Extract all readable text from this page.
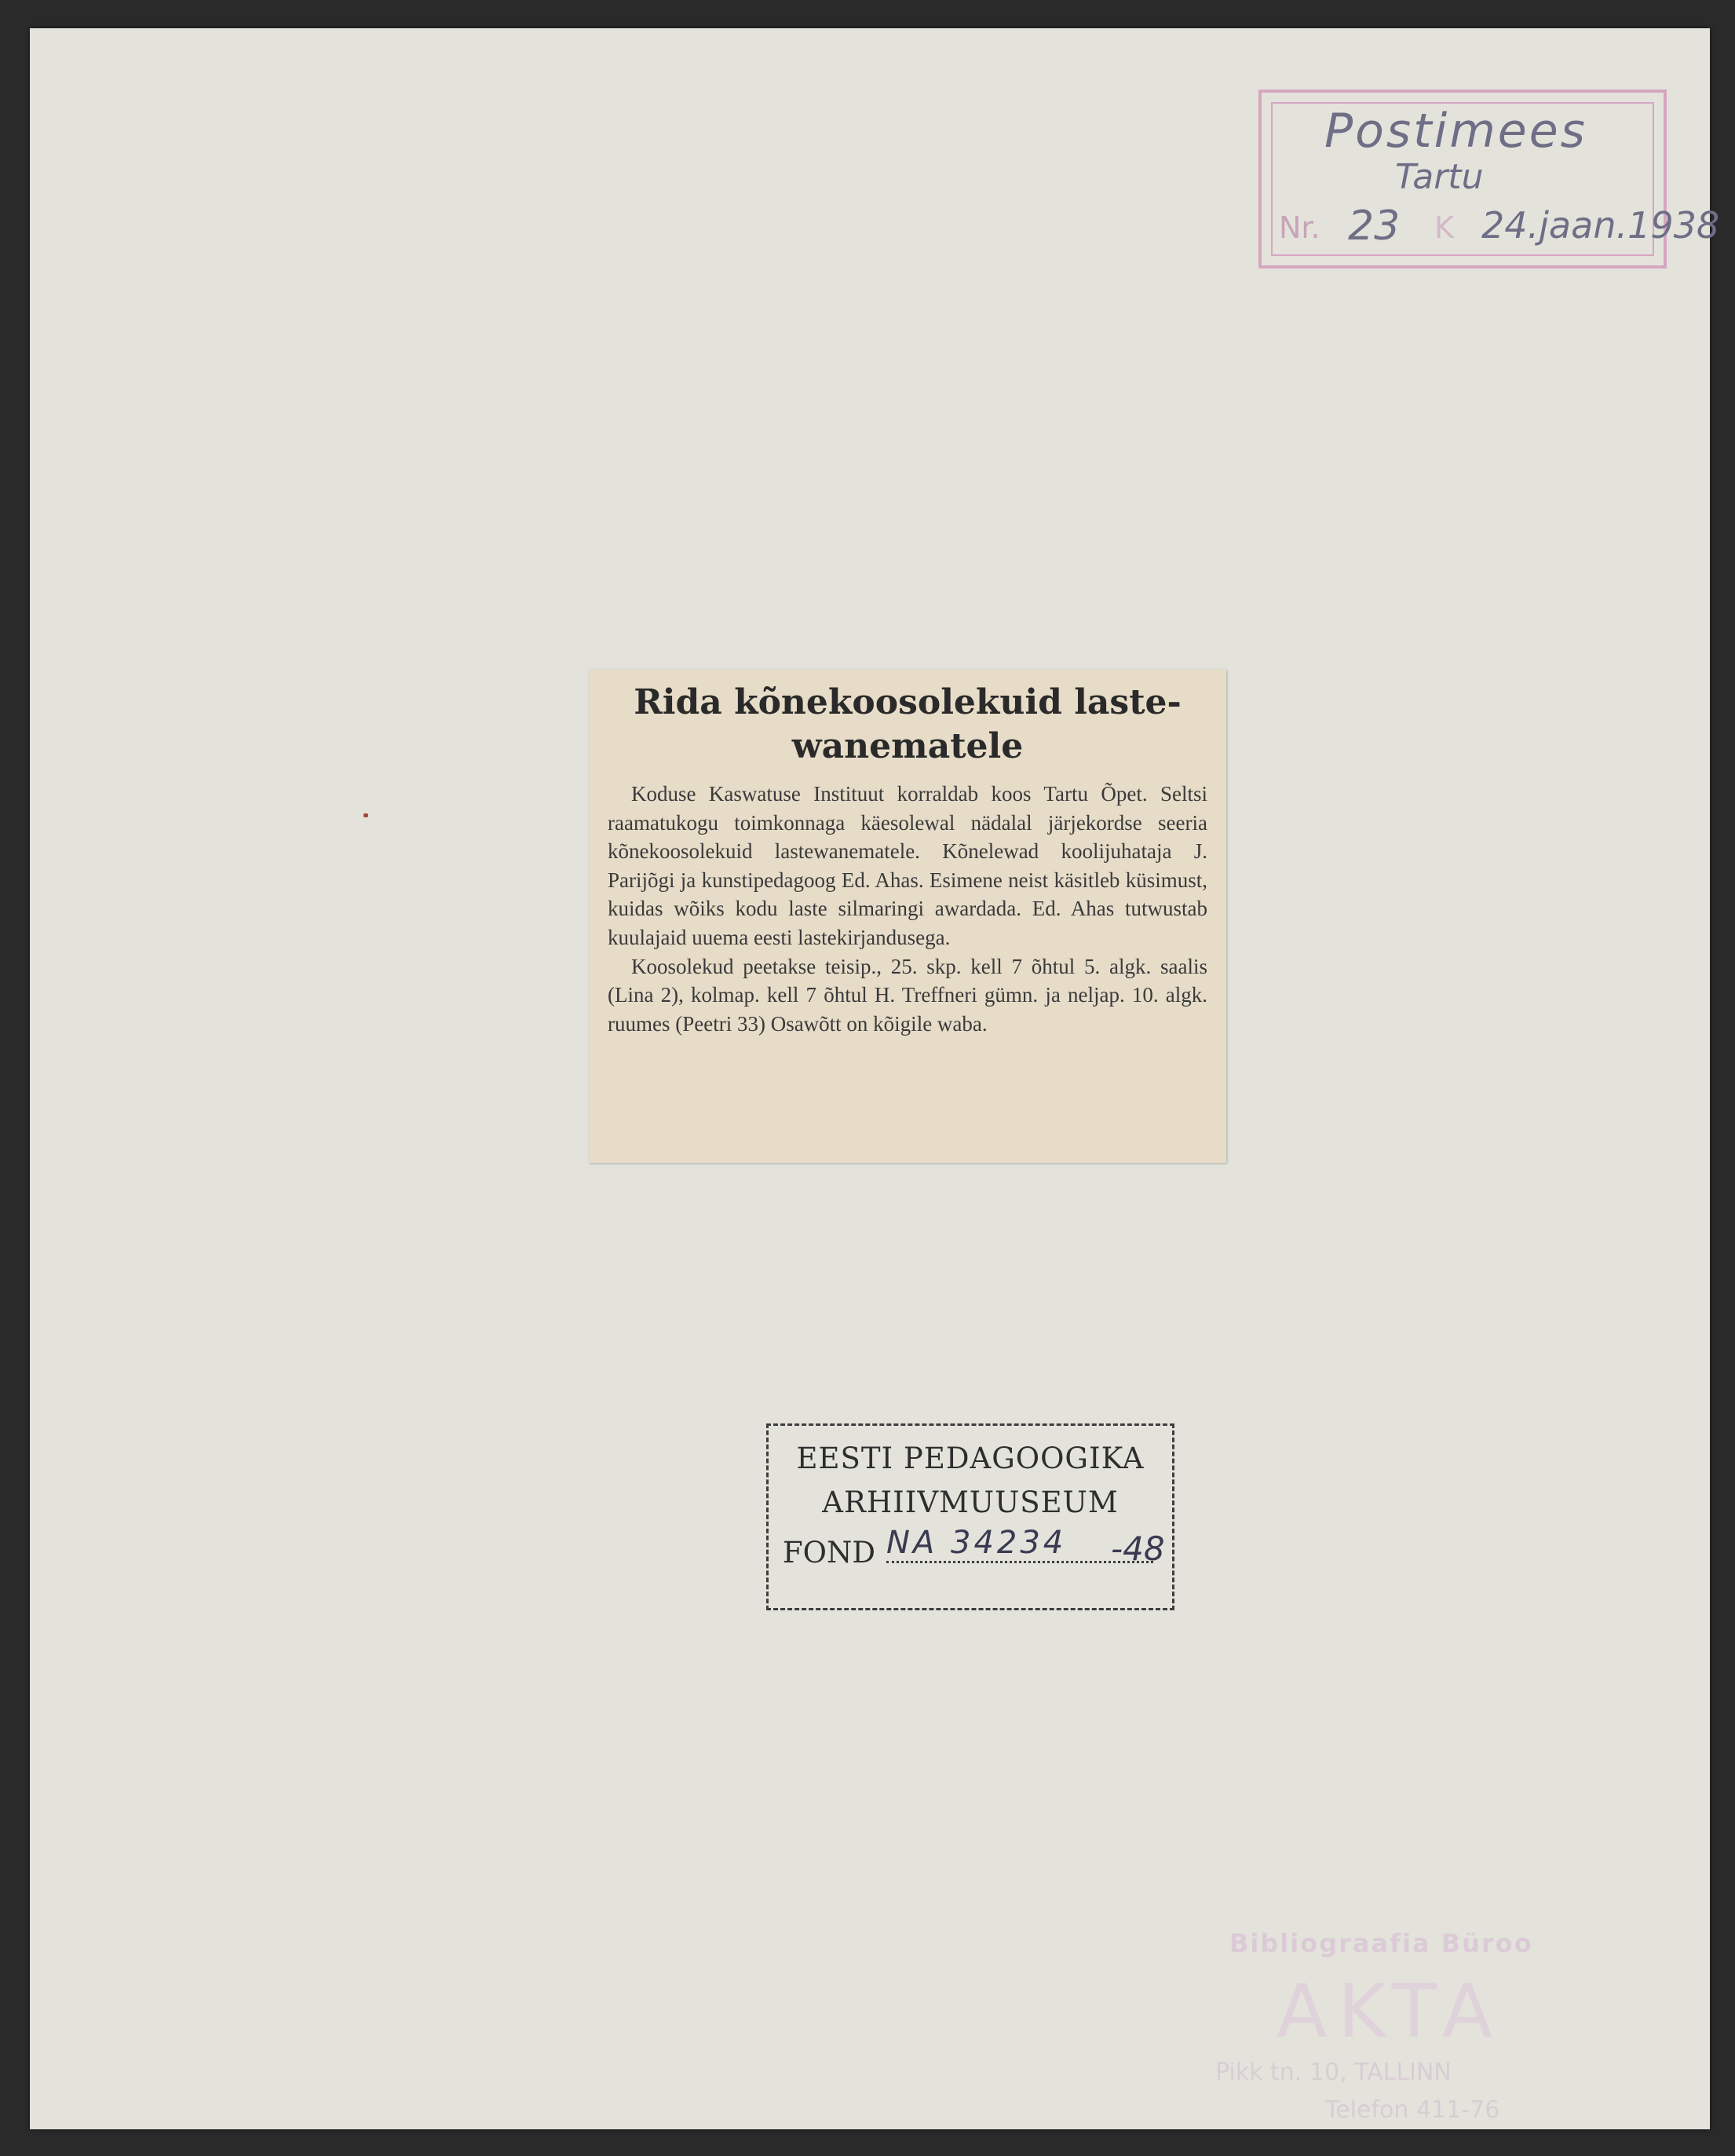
Postimees
Tartu
Nr. 23 K 24.jaan.1938
Rida kõnekoosolekuid laste-
wanematele

Koduse Kaswatuse Instituut korraldab koos Tartu Õpet. Seltsi raamatukogu toimkonnaga käesolewal nädalal järjekordse seeria kõnekoosolekuid lastewanematele. Kõnelewad koolijuhataja J. Parijõgi ja kunstipedagoog Ed. Ahas. Esimene neist käsitleb küsimust, kuidas wõiks kodu laste silmaringi awardada. Ed. Ahas tutwustab kuulajaid uuema eesti lastekirjandusega.

Koosolekud peetakse teisip., 25. skp. kell 7 õhtul 5. algk. saalis (Lina 2), kolmap. kell 7 õhtul H. Treffneri gümn. ja neljap. 10. algk. ruumes (Peetri 33) Osawõtt on kõigile waba.

EESTI PEDAGOOGIKA
ARHIIVMUUSEUM
FOND NA 34234 -48
Bibliograafia Büroo
AKTA
Pikk tn. 10, TALLINN
Telefon 411-76
